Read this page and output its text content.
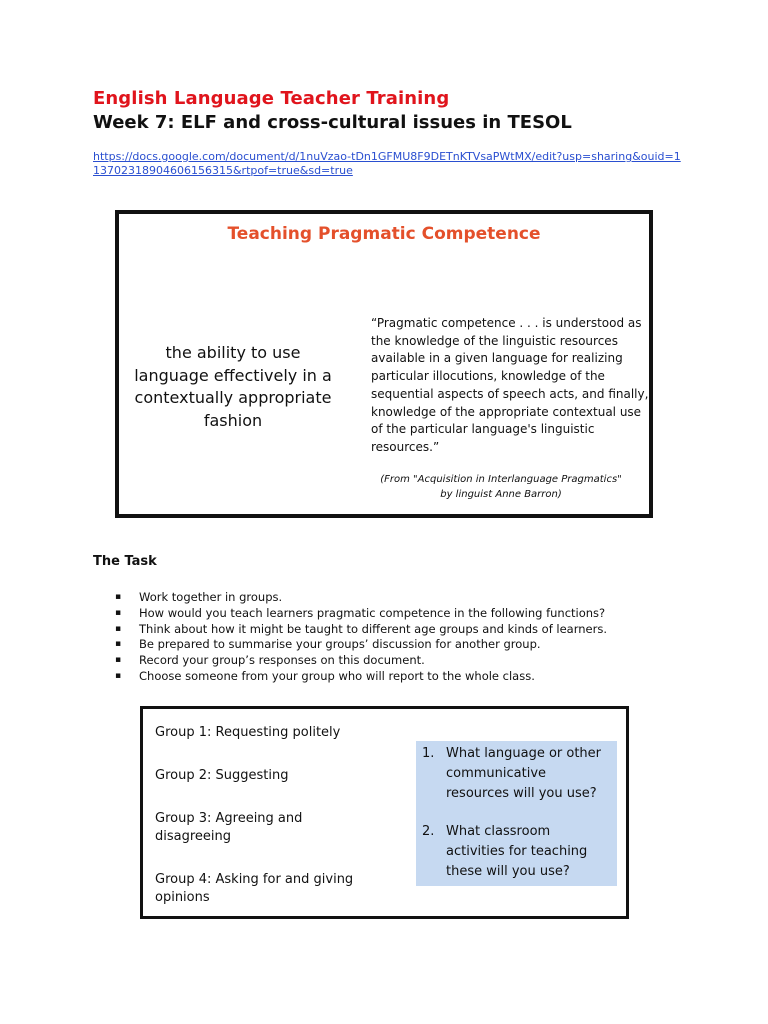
English Language Teacher Training
Week 7: ELF and cross-cultural issues in TESOL
https://docs.google.com/document/d/1nuVzao-tDn1GFMU8F9DETnKTVsaPWtMX/edit?usp=sharing&ouid=113702318904606156315&rtpof=true&sd=true
Teaching Pragmatic Competence
the ability to use language effectively in a contextually appropriate fashion
“Pragmatic competence . . . is understood as the knowledge of the linguistic resources available in a given language for realizing particular illocutions, knowledge of the sequential aspects of speech acts, and finally, knowledge of the appropriate contextual use of the particular language's linguistic resources.”
(From "Acquisition in Interlanguage Pragmatics"
by linguist Anne Barron)
The Task
▪ Work together in groups.
▪ How would you teach learners pragmatic competence in the following functions?
▪ Think about how it might be taught to different age groups and kinds of learners.
▪ Be prepared to summarise your groups’ discussion for another group.
▪ Record your group’s responses on this document.
▪ Choose someone from your group who will report to the whole class.
Group 1: Requesting politely
Group 2: Suggesting
Group 3: Agreeing and disagreeing
Group 4: Asking for and giving opinions
1. What language or other communicative resources will you use?
2. What classroom activities for teaching these will you use?
